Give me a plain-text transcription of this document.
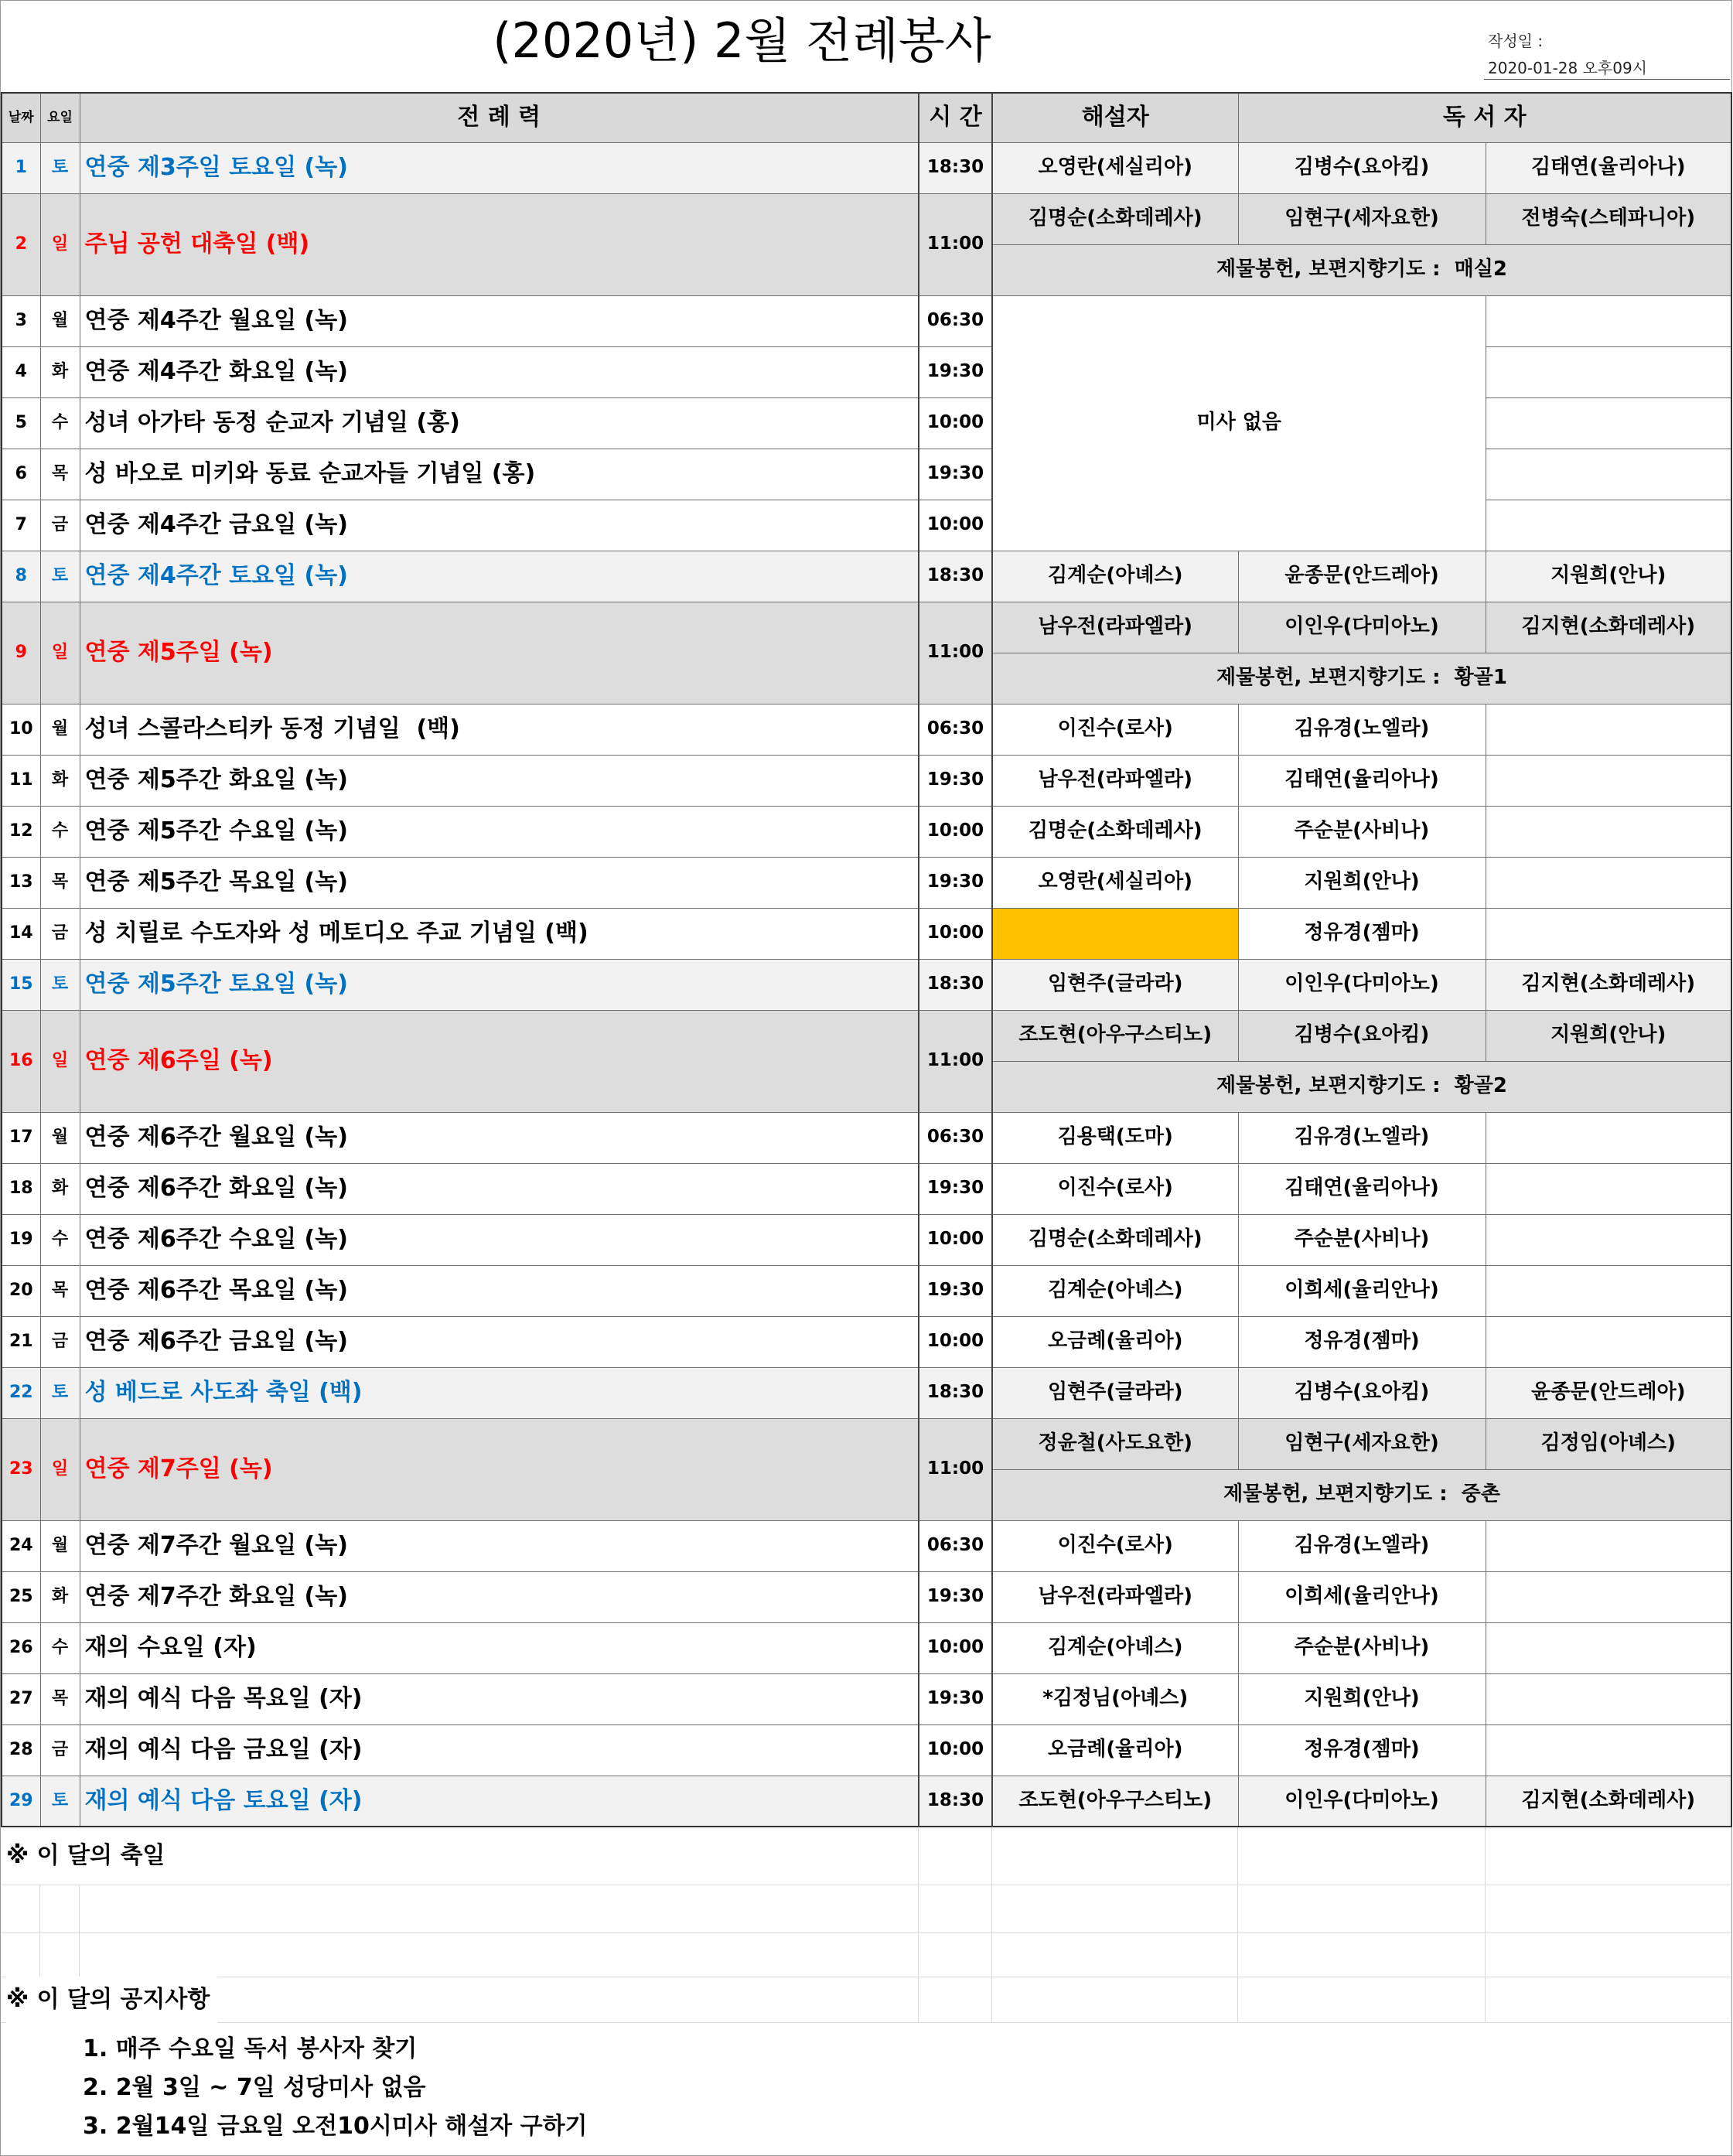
(2020년) 2월 전례봉사	작성일 :
2020-01-28 오후09시
날짜	요일	전 례 력	시 간	해설자	독 서 자	
1	토	연중 제3주일 토요일 (녹)	18:30	오영란(세실리아)	김병수(요아킴)	김태연(율리아나)
2	일	주님 공헌 대축일 (백)	11:00	김명순(소화데레사)	임현구(세자요한)	전병숙(스테파니아)
				제물봉헌, 보편지향기도 :  매실2		
3	월	연중 제4주간 월요일 (녹)	06:30	미사 없음		
4	화	연중 제4주간 화요일 (녹)	19:30			
5	수	성녀 아가타 동정 순교자 기념일 (홍)	10:00			
6	목	성 바오로 미키와 동료 순교자들 기념일 (홍)	19:30			
7	금	연중 제4주간 금요일 (녹)	10:00			
8	토	연중 제4주간 토요일 (녹)	18:30	김계순(아녜스)	윤종문(안드레아)	지원희(안나)
9	일	연중 제5주일 (녹)	11:00	남우전(라파엘라)	이인우(다미아노)	김지현(소화데레사)
				제물봉헌, 보편지향기도 :  황골1		
10	월	성녀 스콜라스티카 동정 기념일  (백)	06:30	이진수(로사)	김유경(노엘라)	
11	화	연중 제5주간 화요일 (녹)	19:30	남우전(라파엘라)	김태연(율리아나)	
12	수	연중 제5주간 수요일 (녹)	10:00	김명순(소화데레사)	주순분(사비나)	
13	목	연중 제5주간 목요일 (녹)	19:30	오영란(세실리아)	지원희(안나)	
14	금	성 치릴로 수도자와 성 메토디오 주교 기념일 (백)	10:00		정유경(젬마)	
15	토	연중 제5주간 토요일 (녹)	18:30	임현주(글라라)	이인우(다미아노)	김지현(소화데레사)
16	일	연중 제6주일 (녹)	11:00	조도현(아우구스티노)	김병수(요아킴)	지원희(안나)
				제물봉헌, 보편지향기도 :  황골2		
17	월	연중 제6주간 월요일 (녹)	06:30	김용택(도마)	김유경(노엘라)	
18	화	연중 제6주간 화요일 (녹)	19:30	이진수(로사)	김태연(율리아나)	
19	수	연중 제6주간 수요일 (녹)	10:00	김명순(소화데레사)	주순분(사비나)	
20	목	연중 제6주간 목요일 (녹)	19:30	김계순(아녜스)	이희세(율리안나)	
21	금	연중 제6주간 금요일 (녹)	10:00	오금례(율리아)	정유경(젬마)	
22	토	성 베드로 사도좌 축일 (백)	18:30	임현주(글라라)	김병수(요아킴)	윤종문(안드레아)
23	일	연중 제7주일 (녹)	11:00	정윤철(사도요한)	임현구(세자요한)	김정임(아녜스)
				제물봉헌, 보편지향기도 :  중촌		
24	월	연중 제7주간 월요일 (녹)	06:30	이진수(로사)	김유경(노엘라)	
25	화	연중 제7주간 화요일 (녹)	19:30	남우전(라파엘라)	이희세(율리안나)	
26	수	재의 수요일 (자)	10:00	김계순(아녜스)	주순분(사비나)	
27	목	재의 예식 다음 목요일 (자)	19:30	*김정님(아녜스)	지원희(안나)	
28	금	재의 예식 다음 금요일 (자)	10:00	오금례(율리아)	정유경(젬마)	
29	토	재의 예식 다음 토요일 (자)	18:30	조도현(아우구스티노)	이인우(다미아노)	김지현(소화데레사)
※ 이 달의 축일
※ 이 달의 공지사항
1. 매주 수요일 독서 봉사자 찾기
2. 2월 3일 ~ 7일 성당미사 없음
3. 2월14일 금요일 오전10시미사 해설자 구하기
